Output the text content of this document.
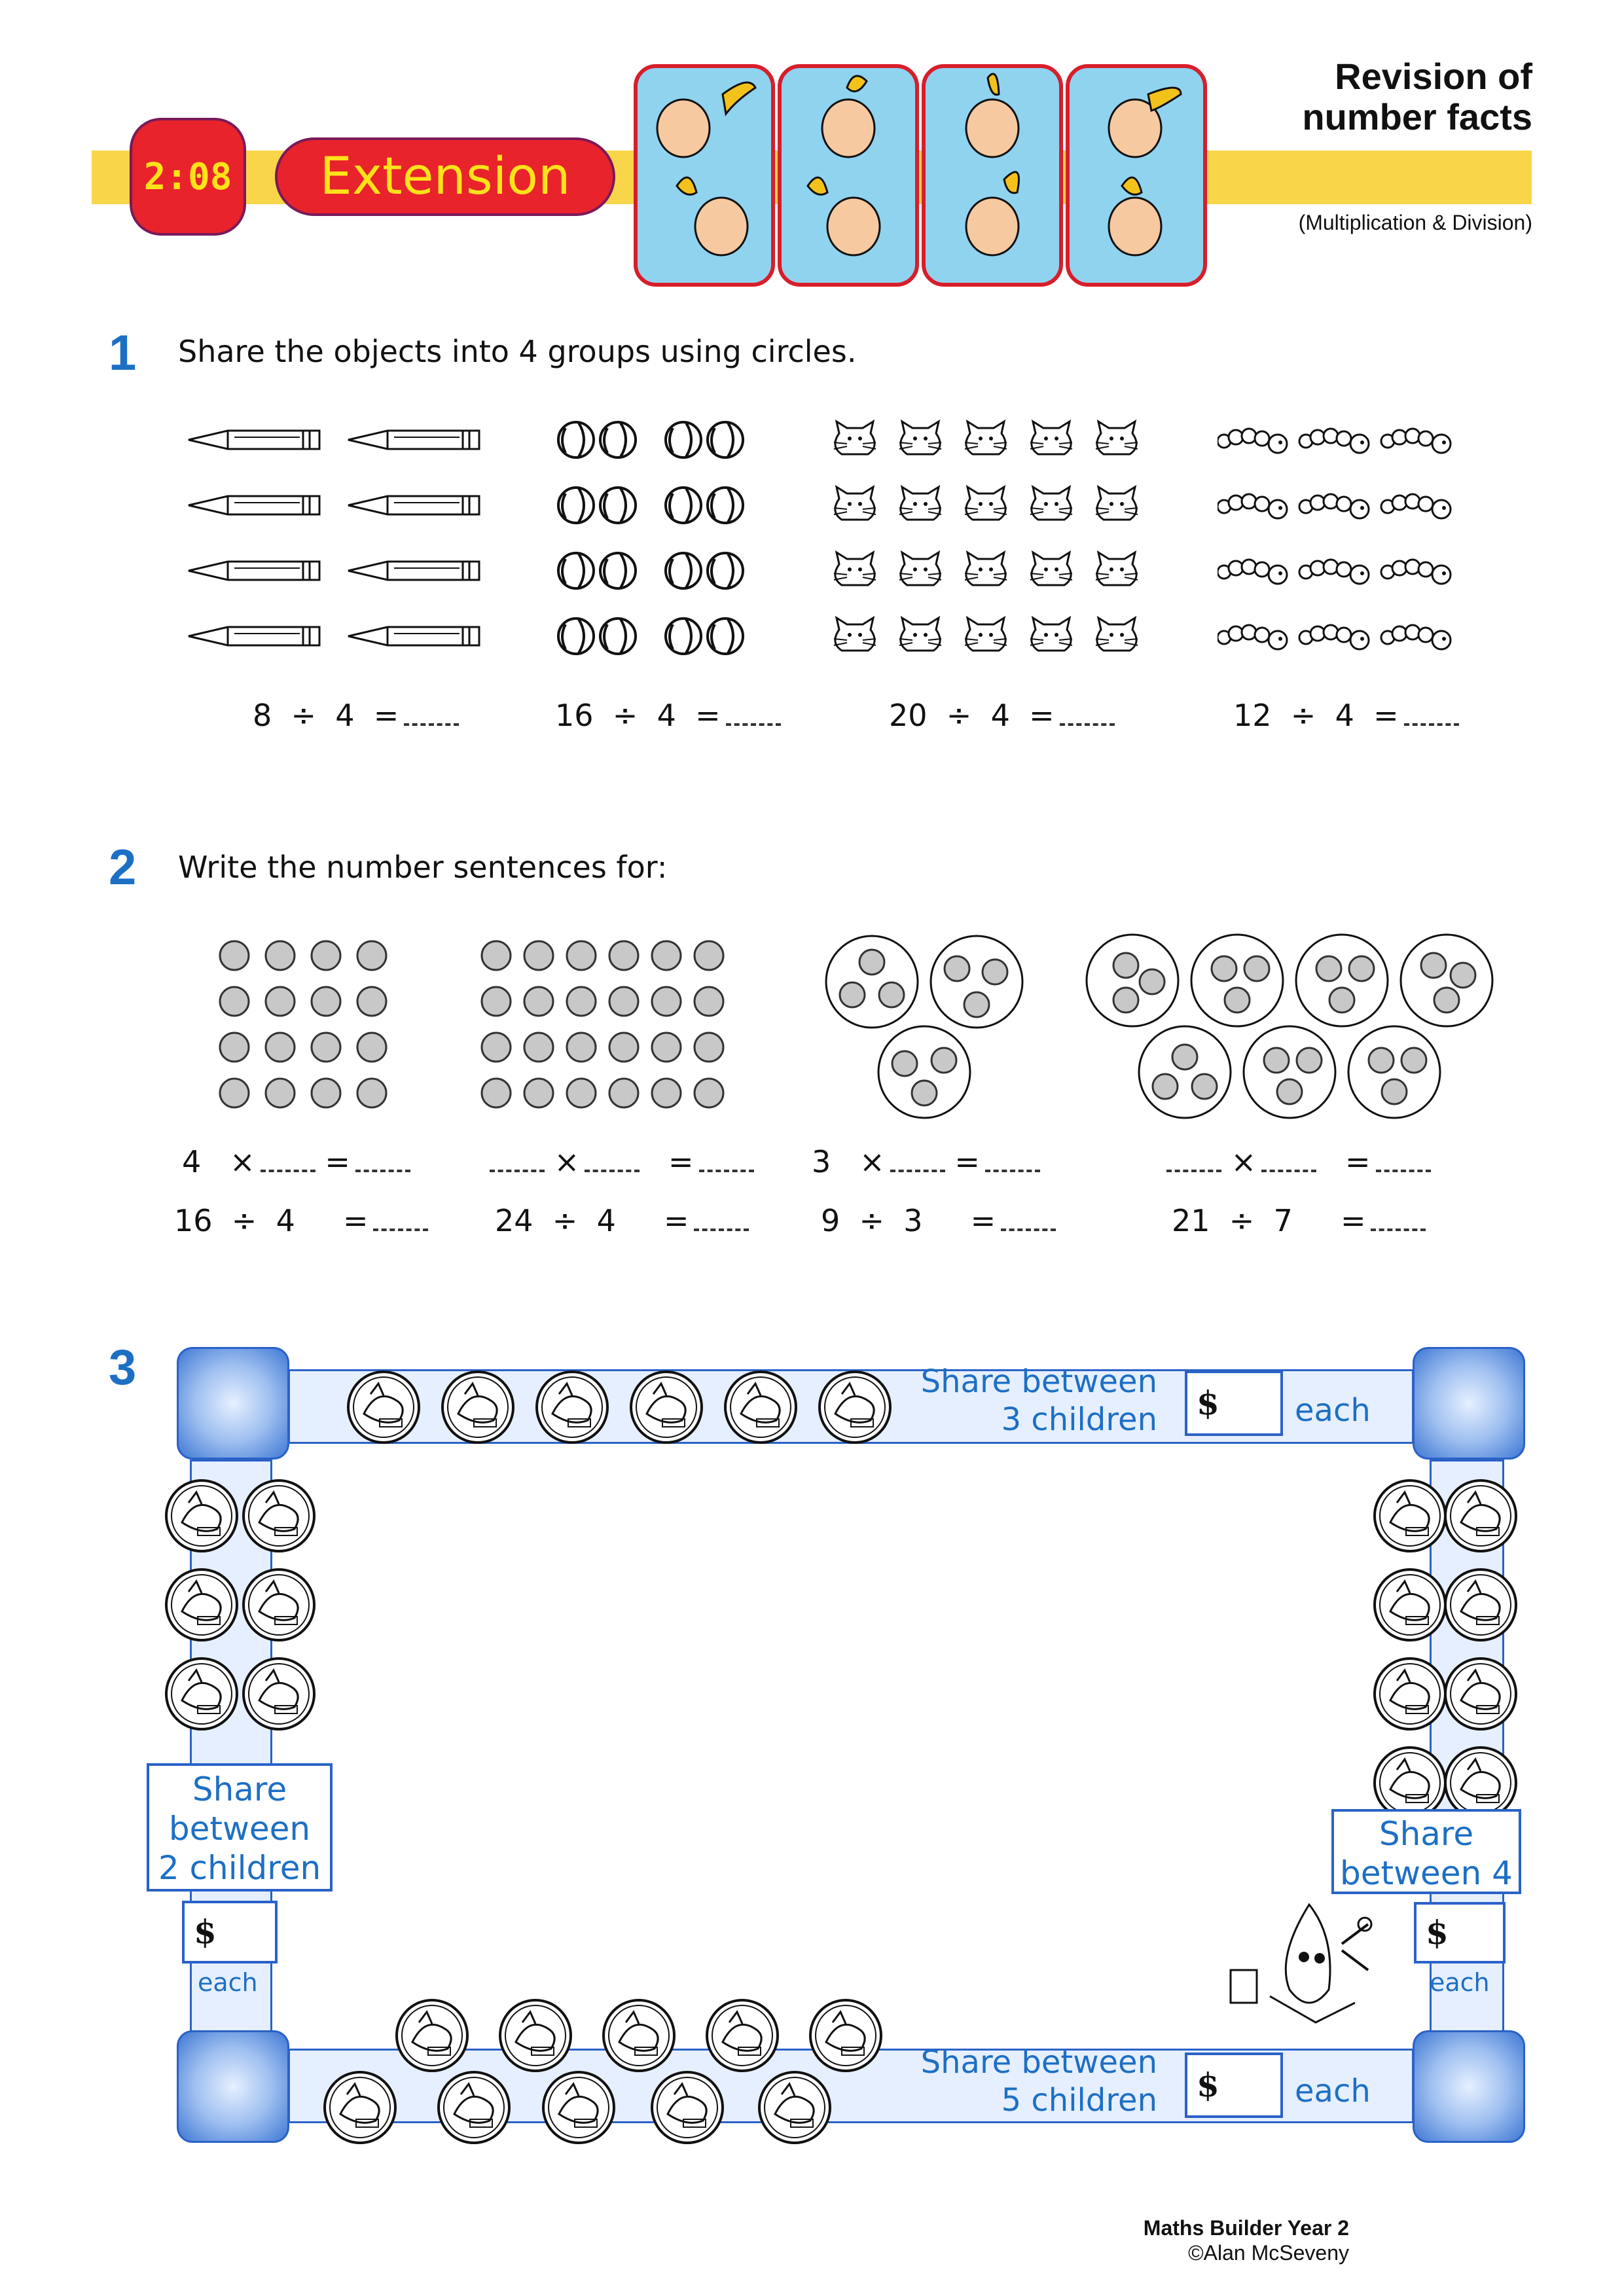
2:08	Extension
Revision of
number facts
(Multiplication & Division)
1 Share the objects into 4 groups using circles.
8  ÷  4  =	16  ÷  4  =	20  ÷  4  =	12  ÷  4  =
2 Write the number sentences for:
4   × =	×	=	3   × =	×	=
16  ÷  4     =	24  ÷  4     =	9  ÷  3     =	21  ÷  7     =
3	Share between
3 children	$	each
Share between
5 children	$	each
Share
between
2 children
$
each
Share
between 4
$
each
Maths Builder Year 2
©Alan McSeveny
